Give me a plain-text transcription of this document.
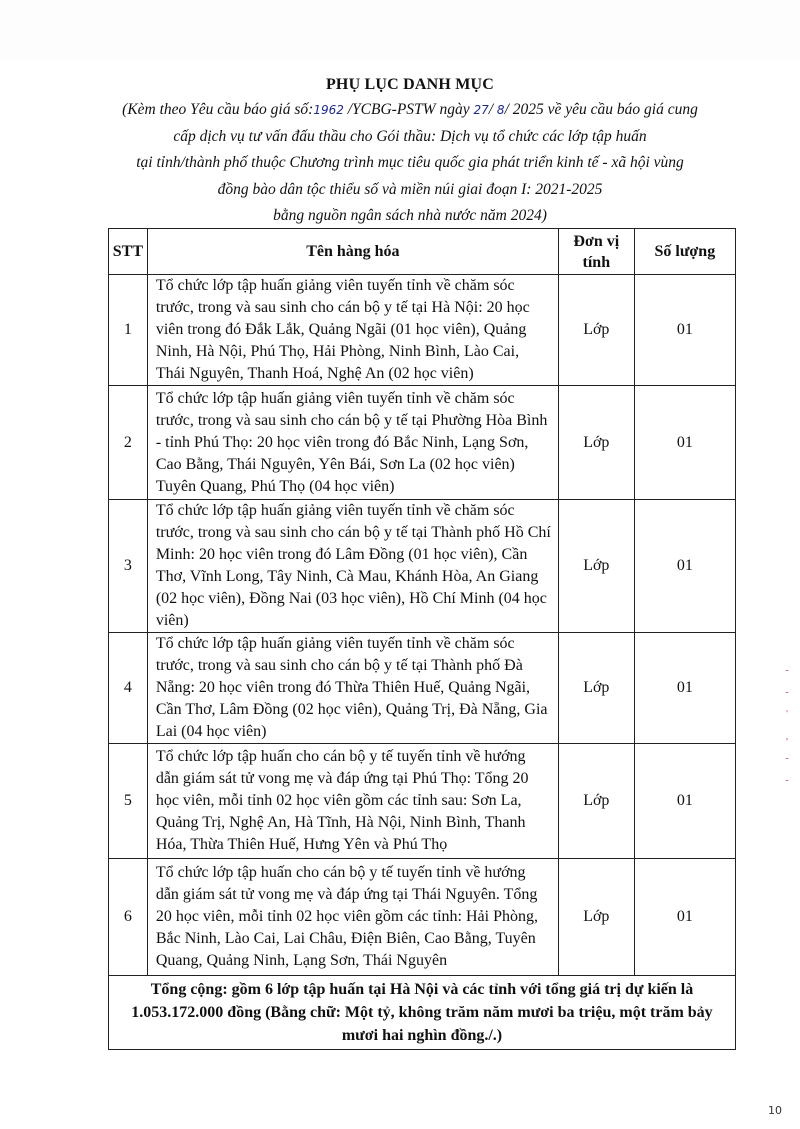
PHỤ LỤC DANH MỤC
(Kèm theo Yêu cầu báo giá số:1962 /YCBG-PSTW ngày 27/ 8/ 2025 về yêu cầu báo giá cung
cấp dịch vụ tư vấn đấu thầu cho Gói thầu: Dịch vụ tổ chức các lớp tập huấn
tại tỉnh/thành phố thuộc Chương trình mục tiêu quốc gia phát triển kinh tế - xã hội vùng
đồng bào dân tộc thiểu số và miền núi giai đoạn I: 2021-2025
bằng nguồn ngân sách nhà nước năm 2024)
STT	Tên hàng hóa	Đơn vị tính	Số lượng
1	Tổ chức lớp tập huấn giảng viên tuyến tỉnh về chăm sóc trước, trong và sau sinh cho cán bộ y tế tại Hà Nội: 20 học viên trong đó Đắk Lắk, Quảng Ngãi (01 học viên), Quảng Ninh, Hà Nội, Phú Thọ, Hải Phòng, Ninh Bình, Lào Cai, Thái Nguyên, Thanh Hoá, Nghệ An (02 học viên)	Lớp	01
2	Tổ chức lớp tập huấn giảng viên tuyến tỉnh về chăm sóc trước, trong và sau sinh cho cán bộ y tế tại Phường Hòa Bình - tỉnh Phú Thọ: 20 học viên trong đó Bắc Ninh, Lạng Sơn, Cao Bằng, Thái Nguyên, Yên Bái, Sơn La (02 học viên) Tuyên Quang, Phú Thọ (04 học viên)	Lớp	01
3	Tổ chức lớp tập huấn giảng viên tuyến tỉnh về chăm sóc trước, trong và sau sinh cho cán bộ y tế tại Thành phố Hồ Chí Minh: 20 học viên trong đó Lâm Đồng (01 học viên), Cần Thơ, Vĩnh Long, Tây Ninh, Cà Mau, Khánh Hòa, An Giang (02 học viên), Đồng Nai (03 học viên), Hồ Chí Minh (04 học viên)	Lớp	01
4	Tổ chức lớp tập huấn giảng viên tuyến tỉnh về chăm sóc trước, trong và sau sinh cho cán bộ y tế tại Thành phố Đà Nẵng: 20 học viên trong đó Thừa Thiên Huế, Quảng Ngãi, Cần Thơ, Lâm Đồng (02 học viên), Quảng Trị, Đà Nẵng, Gia Lai (04 học viên)	Lớp	01
5	Tổ chức lớp tập huấn cho cán bộ y tế tuyến tỉnh về hướng dẫn giám sát tử vong mẹ và đáp ứng tại Phú Thọ: Tổng 20 học viên, mỗi tỉnh 02 học viên gồm các tỉnh sau: Sơn La, Quảng Trị, Nghệ An, Hà Tĩnh, Hà Nội, Ninh Bình, Thanh Hóa, Thừa Thiên Huế, Hưng Yên và Phú Thọ	Lớp	01
6	Tổ chức lớp tập huấn cho cán bộ y tế tuyến tỉnh về hướng dẫn giám sát tử vong mẹ và đáp ứng tại Thái Nguyên. Tổng 20 học viên, mỗi tỉnh 02 học viên gồm các tỉnh: Hải Phòng, Bắc Ninh, Lào Cai, Lai Châu, Điện Biên, Cao Bằng, Tuyên Quang, Quảng Ninh, Lạng Sơn, Thái Nguyên	Lớp	01
Tổng cộng: gồm 6 lớp tập huấn tại Hà Nội và các tỉnh với tổng giá trị dự kiến là 1.053.172.000 đồng (Bằng chữ: Một tỷ, không trăm năm mươi ba triệu, một trăm bảy mươi hai nghìn đồng./.)			
-
-
'
,
-
-
10
